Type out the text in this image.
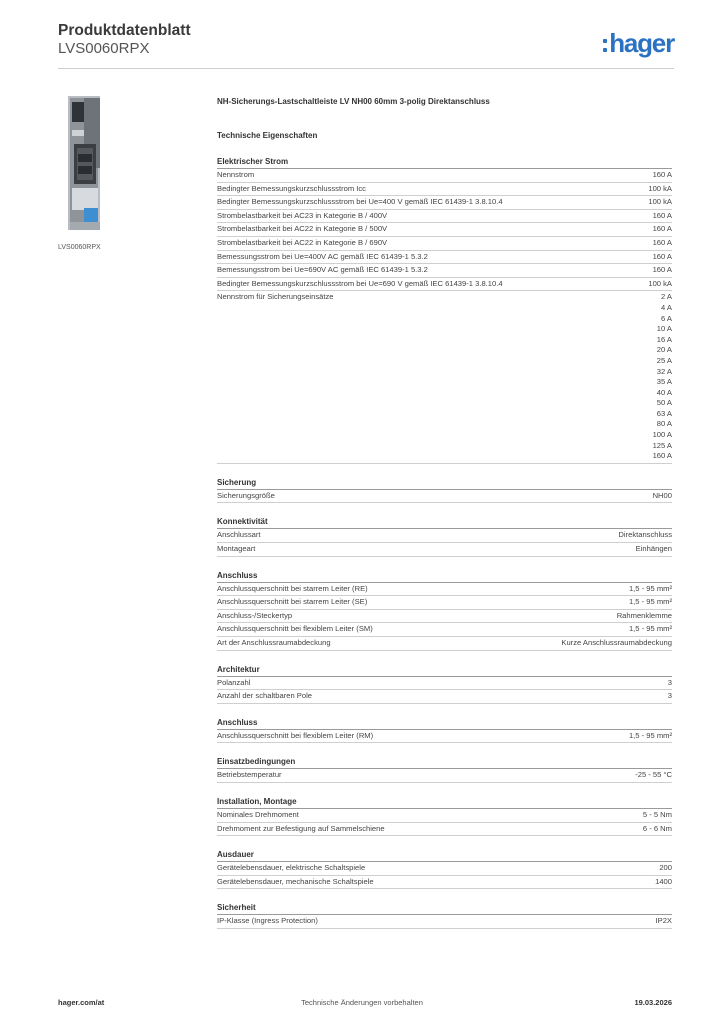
Produktdatenblatt
LVS0060RPX	hager
LVS0060RPX
NH-Sicherungs-Lastschaltleiste LV NH00 60mm 3-polig Direktanschluss
Technische Eigenschaften
Elektrischer Strom
Nennstrom	160 A
Bedingter Bemessungskurzschlussstrom Icc	100 kA
Bedingter Bemessungskurzschlussstrom bei Ue=400 V gemäß IEC 61439-1 3.8.10.4	100 kA
Strombelastbarkeit bei AC23 in Kategorie B / 400V	160 A
Strombelastbarkeit bei AC22 in Kategorie B / 500V	160 A
Strombelastbarkeit bei AC22 in Kategorie B / 690V	160 A
Bemessungsstrom bei Ue=400V AC gemäß IEC 61439-1 5.3.2	160 A
Bemessungsstrom bei Ue=690V AC gemäß IEC 61439-1 5.3.2	160 A
Bedingter Bemessungskurzschlussstrom bei Ue=690 V gemäß IEC 61439-1 3.8.10.4	100 kA
Nennstrom für Sicherungseinsätze	2 A
4 A
6 A
10 A
16 A
20 A
25 A
32 A
35 A
40 A
50 A
63 A
80 A
100 A
125 A
160 A
Sicherung
Sicherungsgröße	NH00
Konnektivität
Anschlussart	Direktanschluss
Montageart	Einhängen
Anschluss
Anschlussquerschnitt bei starrem Leiter (RE)	1,5 - 95 mm²
Anschlussquerschnitt bei starrem Leiter (SE)	1,5 - 95 mm²
Anschluss-/Steckertyp	Rahmenklemme
Anschlussquerschnitt bei flexiblem Leiter (SM)	1,5 - 95 mm²
Art der Anschlussraumabdeckung	Kurze Anschlussraumabdeckung
Architektur
Polanzahl	3
Anzahl der schaltbaren Pole	3
Anschluss
Anschlussquerschnitt bei flexiblem Leiter (RM)	1,5 - 95 mm²
Einsatzbedingungen
Betriebstemperatur	-25 - 55 °C
Installation, Montage
Nominales Drehmoment	5 - 5 Nm
Drehmoment zur Befestigung auf Sammelschiene	6 - 6 Nm
Ausdauer
Gerätelebensdauer, elektrische Schaltspiele	200
Gerätelebensdauer, mechanische Schaltspiele	1400
Sicherheit
IP-Klasse (Ingress Protection)	IP2X
hager.com/at	Technische Änderungen vorbehalten	19.03.2026
